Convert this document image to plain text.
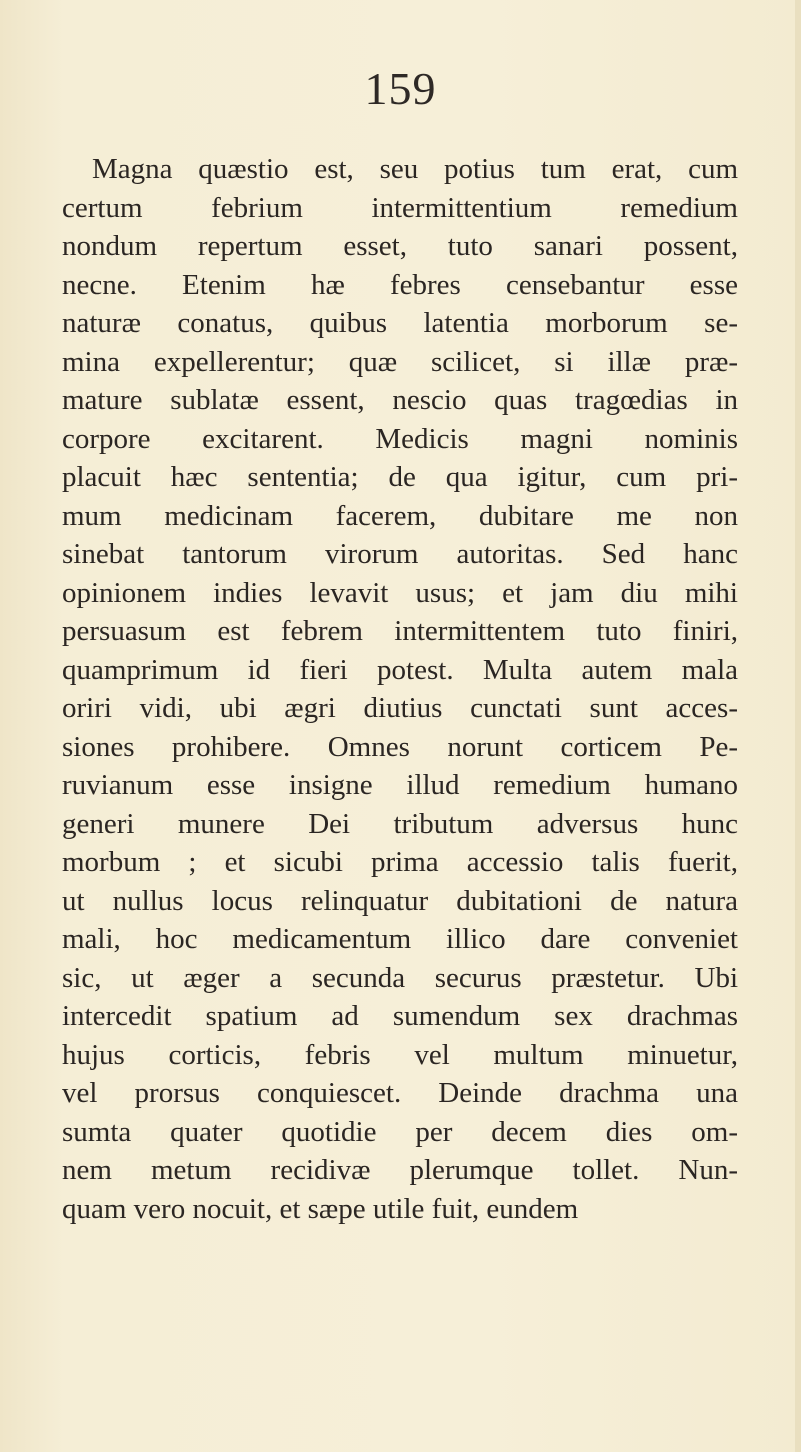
159
Magna quæstio est, seu potius tum erat, cum
certum febrium intermittentium remedium
nondum repertum esset, tuto sanari possent,
necne. Etenim hæ febres censebantur esse
naturæ conatus, quibus latentia morborum se-
mina expellerentur; quæ scilicet, si illæ præ-
mature sublatæ essent, nescio quas tragœdias in
corpore excitarent. Medicis magni nominis
placuit hæc sententia; de qua igitur, cum pri-
mum medicinam facerem, dubitare me non
sinebat tantorum virorum autoritas. Sed hanc
opinionem indies levavit usus; et jam diu mihi
persuasum est febrem intermittentem tuto finiri,
quamprimum id fieri potest. Multa autem mala
oriri vidi, ubi ægri diutius cunctati sunt acces-
siones prohibere. Omnes norunt corticem Pe-
ruvianum esse insigne illud remedium humano
generi munere Dei tributum adversus hunc
morbum ; et sicubi prima accessio talis fuerit,
ut nullus locus relinquatur dubitationi de natura
mali, hoc medicamentum illico dare conveniet
sic, ut æger a secunda securus præstetur. Ubi
intercedit spatium ad sumendum sex drachmas
hujus corticis, febris vel multum minuetur,
vel prorsus conquiescet. Deinde drachma una
sumta quater quotidie per decem dies om-
nem metum recidivæ plerumque tollet. Nun-
quam vero nocuit, et sæpe utile fuit, eundem
